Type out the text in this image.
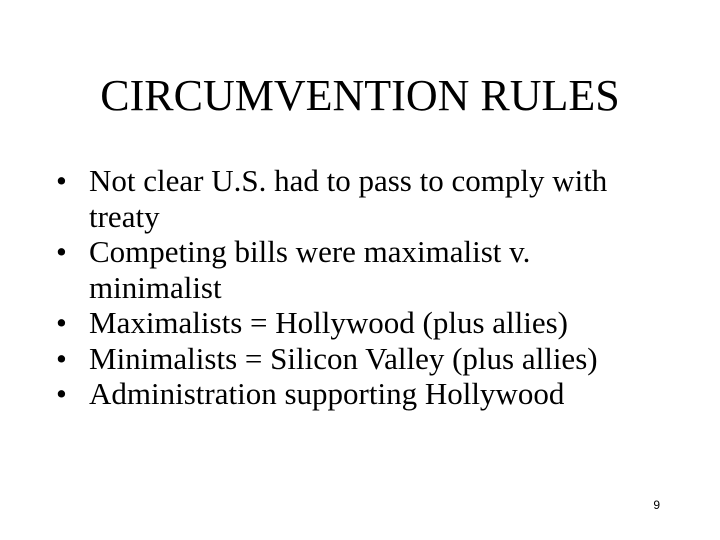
CIRCUMVENTION RULES
• Not clear U.S. had to pass to comply with treaty
• Competing bills were maximalist v. minimalist
• Maximalists = Hollywood (plus allies)
• Minimalists = Silicon Valley (plus allies)
• Administration supporting Hollywood
9
